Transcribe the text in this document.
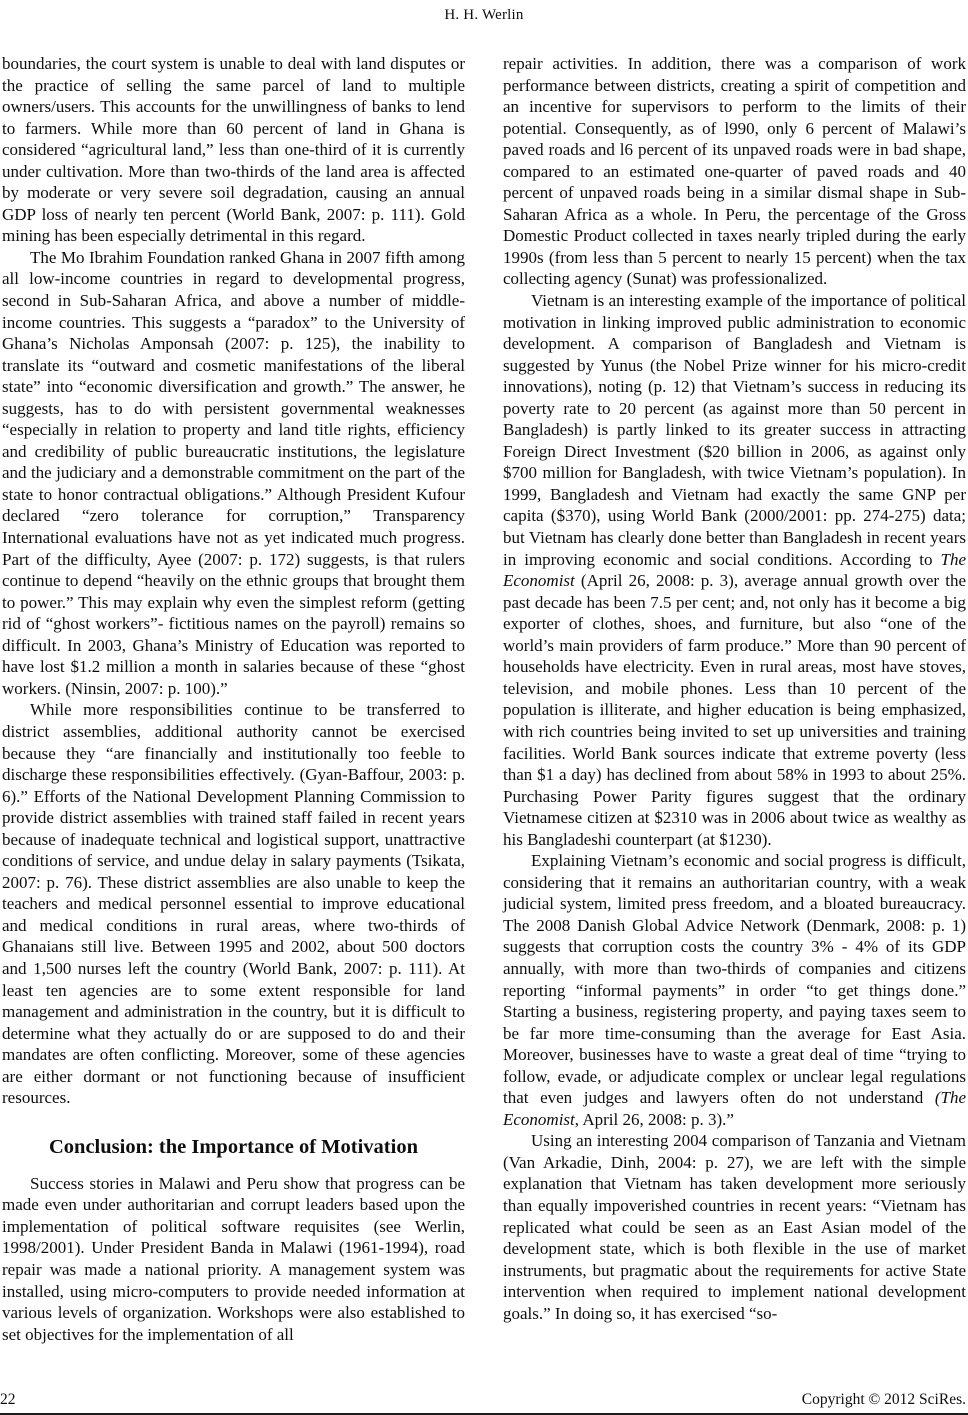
H. H. Werlin

boundaries, the court system is unable to deal with land disputes or the practice of selling the same parcel of land to multiple owners/users. This accounts for the unwillingness of banks to lend to farmers. While more than 60 percent of land in Ghana is considered “agricultural land,” less than one-third of it is currently under cultivation. More than two-thirds of the land area is affected by moderate or very severe soil degradation, causing an annual GDP loss of nearly ten percent (World Bank, 2007: p. 111). Gold mining has been especially detrimental in this regard.

The Mo Ibrahim Foundation ranked Ghana in 2007 fifth among all low-income countries in regard to developmental progress, second in Sub-Saharan Africa, and above a number of middle-income countries. This suggests a “paradox” to the University of Ghana’s Nicholas Amponsah (2007: p. 125), the inability to translate its “outward and cosmetic manifestations of the liberal state” into “economic diversification and growth.” The answer, he suggests, has to do with persistent governmental weaknesses “especially in relation to property and land title rights, efficiency and credibility of public bureaucratic institutions, the legislature and the judiciary and a demonstrable commitment on the part of the state to honor contractual obligations.” Although President Kufour declared “zero tolerance for corruption,” Transparency International evaluations have not as yet indicated much progress. Part of the difficulty, Ayee (2007: p. 172) suggests, is that rulers continue to depend “heavily on the ethnic groups that brought them to power.” This may explain why even the simplest reform (getting rid of “ghost workers”- fictitious names on the payroll) remains so difficult. In 2003, Ghana’s Ministry of Education was reported to have lost $1.2 million a month in salaries because of these “ghost workers. (Ninsin, 2007: p. 100).”

While more responsibilities continue to be transferred to district assemblies, additional authority cannot be exercised because they “are financially and institutionally too feeble to discharge these responsibilities effectively. (Gyan-Baffour, 2003: p. 6).” Efforts of the National Development Planning Commission to provide district assemblies with trained staff failed in recent years because of inadequate technical and logistical support, unattractive conditions of service, and undue delay in salary payments (Tsikata, 2007: p. 76). These district assemblies are also unable to keep the teachers and medical personnel essential to improve educational and medical conditions in rural areas, where two-thirds of Ghanaians still live. Between 1995 and 2002, about 500 doctors and 1,500 nurses left the country (World Bank, 2007: p. 111). At least ten agencies are to some extent responsible for land management and administration in the country, but it is difficult to determine what they actually do or are supposed to do and their mandates are often conflicting. Moreover, some of these agencies are either dormant or not functioning because of insufficient resources.

Conclusion: the Importance of Motivation

Success stories in Malawi and Peru show that progress can be made even under authoritarian and corrupt leaders based upon the implementation of political software requisites (see Werlin, 1998/2001). Under President Banda in Malawi (1961-1994), road repair was made a national priority. A management system was installed, using micro-computers to provide needed information at various levels of organization. Workshops were also established to set objectives for the implementation of all

repair activities. In addition, there was a comparison of work performance between districts, creating a spirit of competition and an incentive for supervisors to perform to the limits of their potential. Consequently, as of l990, only 6 percent of Malawi’s paved roads and l6 percent of its unpaved roads were in bad shape, compared to an estimated one-quarter of paved roads and 40 percent of unpaved roads being in a similar dismal shape in Sub-Saharan Africa as a whole. In Peru, the percentage of the Gross Domestic Product collected in taxes nearly tripled during the early 1990s (from less than 5 percent to nearly 15 percent) when the tax collecting agency (Sunat) was professionalized.

Vietnam is an interesting example of the importance of political motivation in linking improved public administration to economic development. A comparison of Bangladesh and Vietnam is suggested by Yunus (the Nobel Prize winner for his micro-credit innovations), noting (p. 12) that Vietnam’s success in reducing its poverty rate to 20 percent (as against more than 50 percent in Bangladesh) is partly linked to its greater success in attracting Foreign Direct Investment ($20 billion in 2006, as against only $700 million for Bangladesh, with twice Vietnam’s population). In 1999, Bangladesh and Vietnam had exactly the same GNP per capita ($370), using World Bank (2000/2001: pp. 274-275) data; but Vietnam has clearly done better than Bangladesh in recent years in improving economic and social conditions. According to The Economist (April 26, 2008: p. 3), average annual growth over the past decade has been 7.5 per cent; and, not only has it become a big exporter of clothes, shoes, and furniture, but also “one of the world’s main providers of farm produce.” More than 90 percent of households have electricity. Even in rural areas, most have stoves, television, and mobile phones. Less than 10 percent of the population is illiterate, and higher education is being emphasized, with rich countries being invited to set up universities and training facilities. World Bank sources indicate that extreme poverty (less than $1 a day) has declined from about 58% in 1993 to about 25%. Purchasing Power Parity figures suggest that the ordinary Vietnamese citizen at $2310 was in 2006 about twice as wealthy as his Bangladeshi counterpart (at $1230).

Explaining Vietnam’s economic and social progress is difficult, considering that it remains an authoritarian country, with a weak judicial system, limited press freedom, and a bloated bureaucracy. The 2008 Danish Global Advice Network (Denmark, 2008: p. 1) suggests that corruption costs the country 3% - 4% of its GDP annually, with more than two-thirds of companies and citizens reporting “informal payments” in order “to get things done.” Starting a business, registering property, and paying taxes seem to be far more time-consuming than the average for East Asia. Moreover, businesses have to waste a great deal of time “trying to follow, evade, or adjudicate complex or unclear legal regulations that even judges and lawyers often do not understand (The Economist, April 26, 2008: p. 3).”

Using an interesting 2004 comparison of Tanzania and Vietnam (Van Arkadie, Dinh, 2004: p. 27), we are left with the simple explanation that Vietnam has taken development more seriously than equally impoverished countries in recent years: “Vietnam has replicated what could be seen as an East Asian model of the development state, which is both flexible in the use of market instruments, but pragmatic about the requirements for active State intervention when required to implement national development goals.” In doing so, it has exercised “so-

22	Copyright © 2012 SciRes.
